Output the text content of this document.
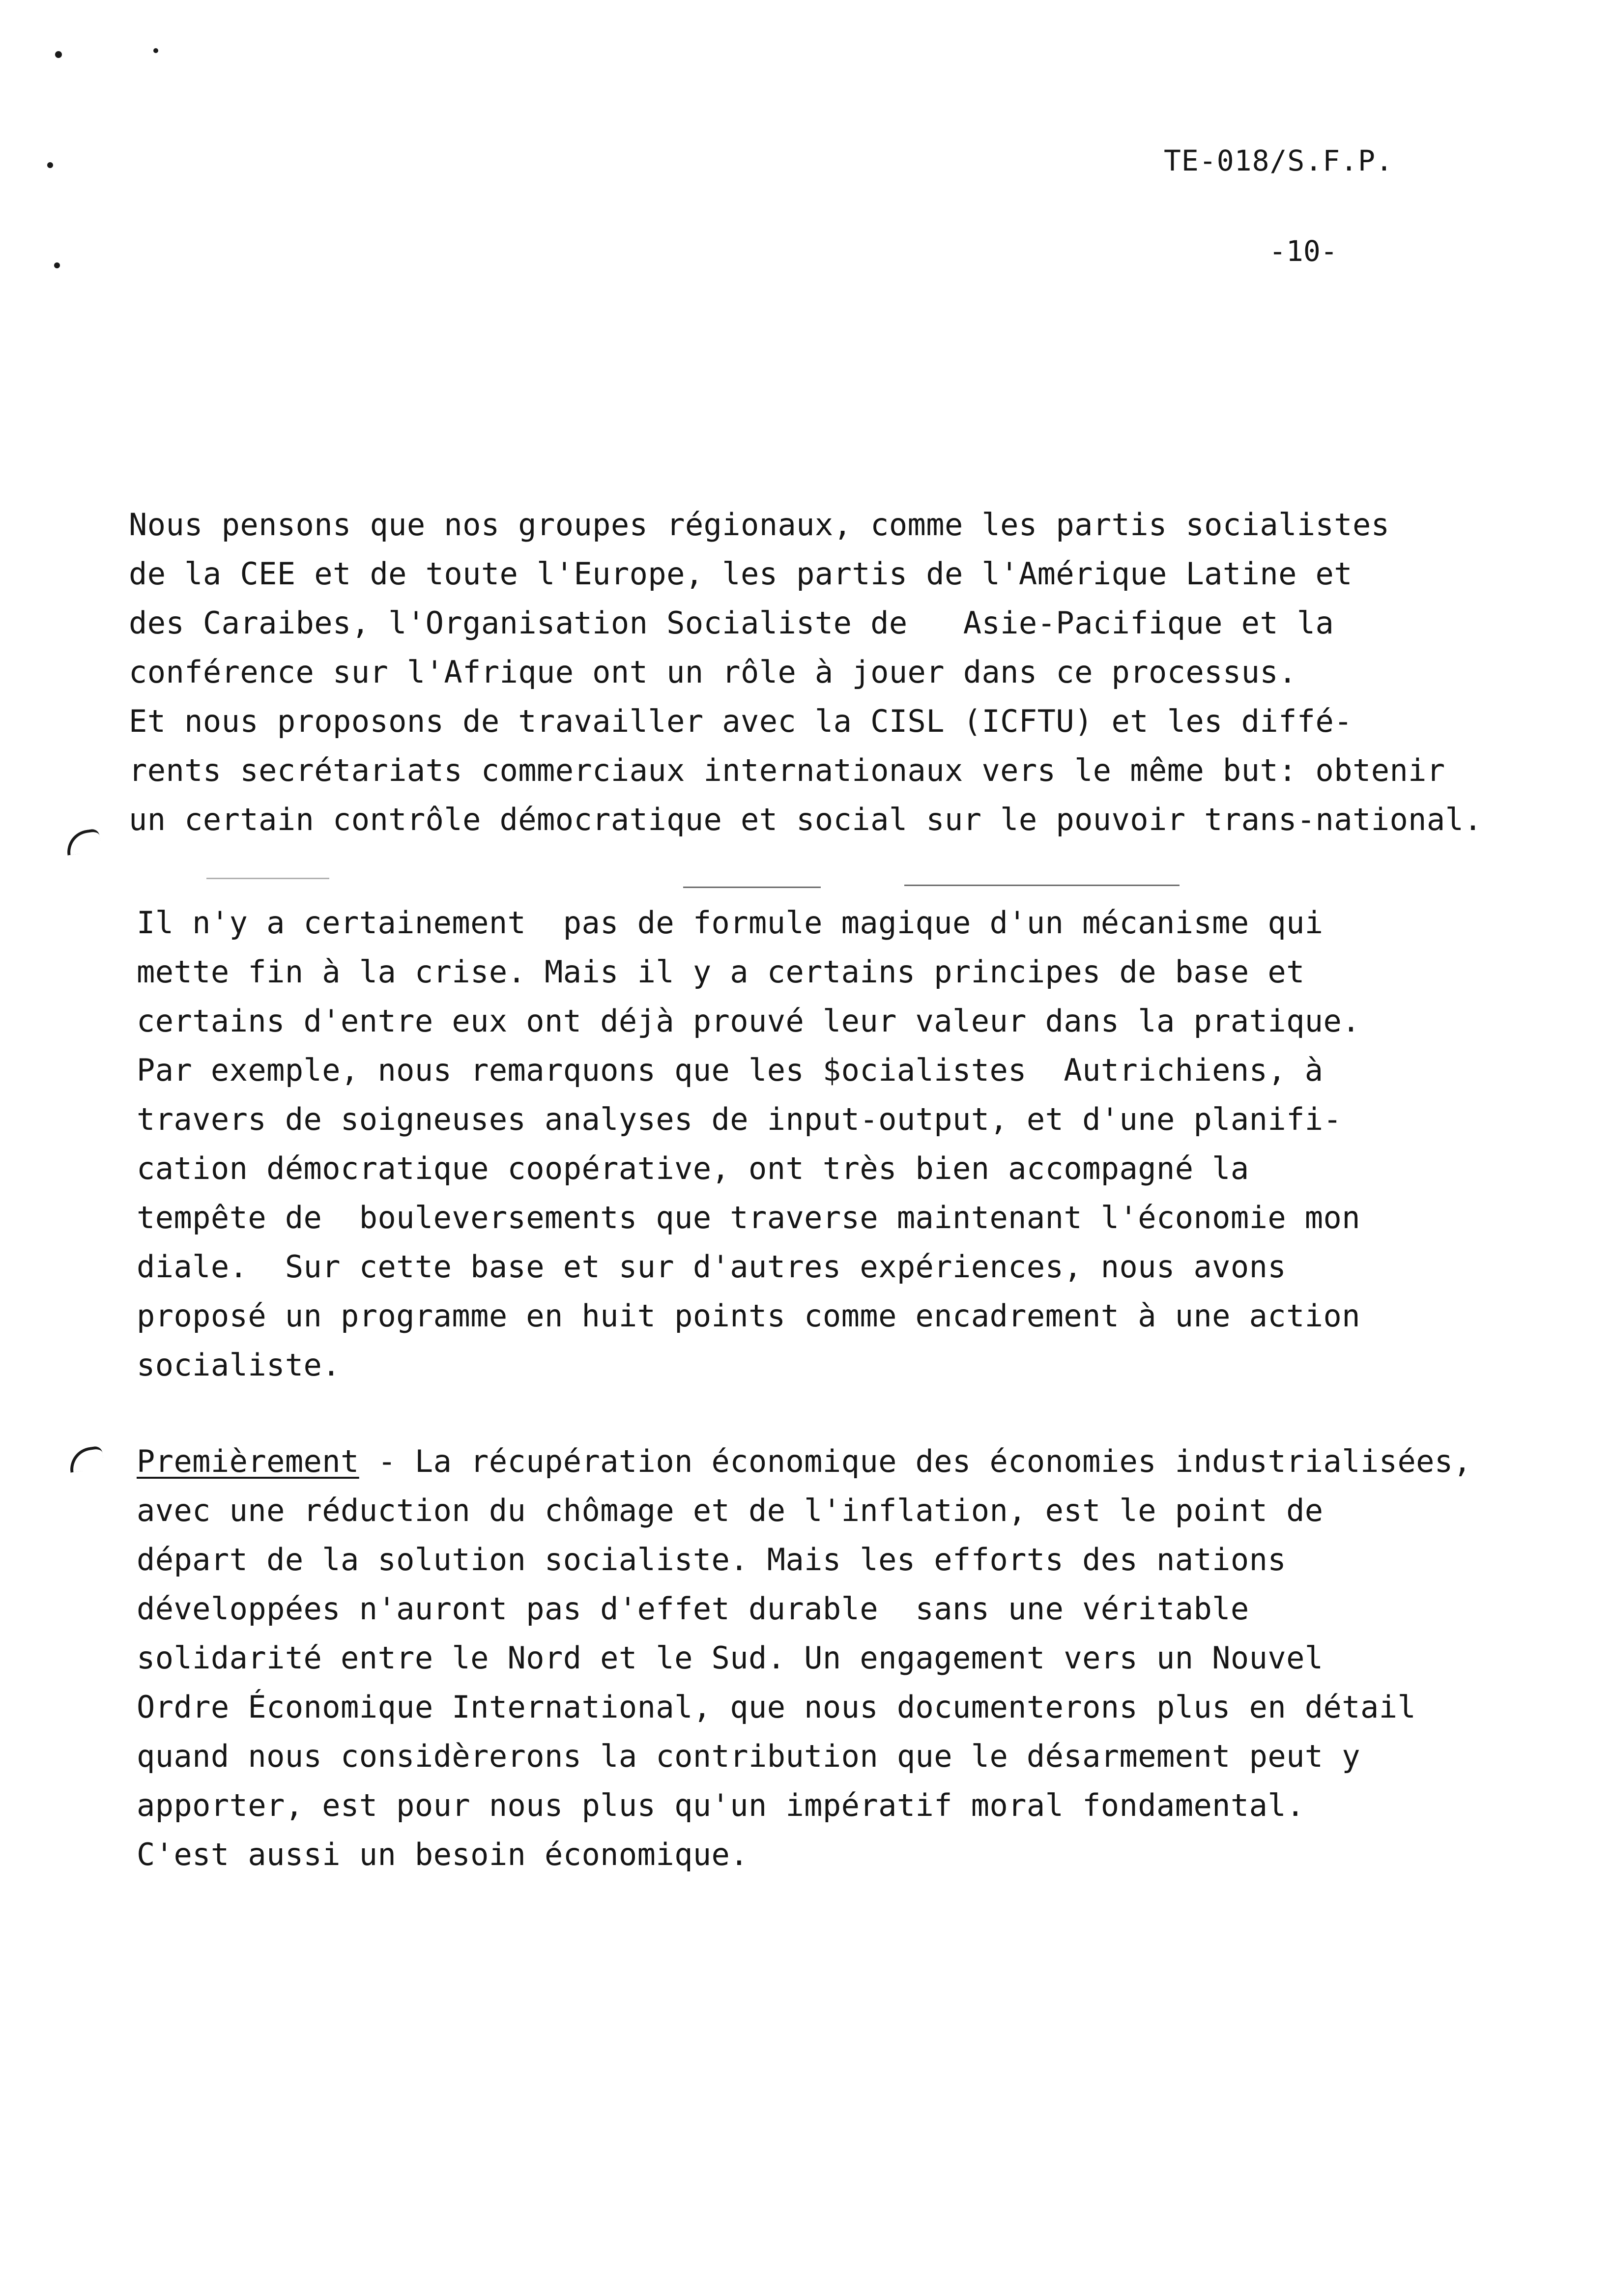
TE-018/S.F.P.
-10-
Nous pensons que nos groupes régionaux, comme les partis socialistes
de la CEE et de toute l'Europe, les partis de l'Amérique Latine et
des Caraibes, l'Organisation Socialiste de   Asie-Pacifique et la
conférence sur l'Afrique ont un rôle à jouer dans ce processus.
Et nous proposons de travailler avec la CISL (ICFTU) et les diffé-
rents secrétariats commerciaux internationaux vers le même but: obtenir
un certain contrôle démocratique et social sur le pouvoir trans-national.
Il n'y a certainement  pas de formule magique d'un mécanisme qui
mette fin à la crise. Mais il y a certains principes de base et
certains d'entre eux ont déjà prouvé leur valeur dans la pratique.
Par exemple, nous remarquons que les $ocialistes  Autrichiens, à
travers de soigneuses analyses de input-output, et d'une planifi-
cation démocratique coopérative, ont très bien accompagné la
tempête de  bouleversements que traverse maintenant l'économie mon
diale.  Sur cette base et sur d'autres expériences, nous avons
proposé un programme en huit points comme encadrement à une action
socialiste.
Premièrement - La récupération économique des économies industrialisées,
avec une réduction du chômage et de l'inflation, est le point de
départ de la solution socialiste. Mais les efforts des nations
développées n'auront pas d'effet durable  sans une véritable
solidarité entre le Nord et le Sud. Un engagement vers un Nouvel
Ordre Économique International, que nous documenterons plus en détail
quand nous considèrerons la contribution que le désarmement peut y
apporter, est pour nous plus qu'un impératif moral fondamental.
C'est aussi un besoin économique.
